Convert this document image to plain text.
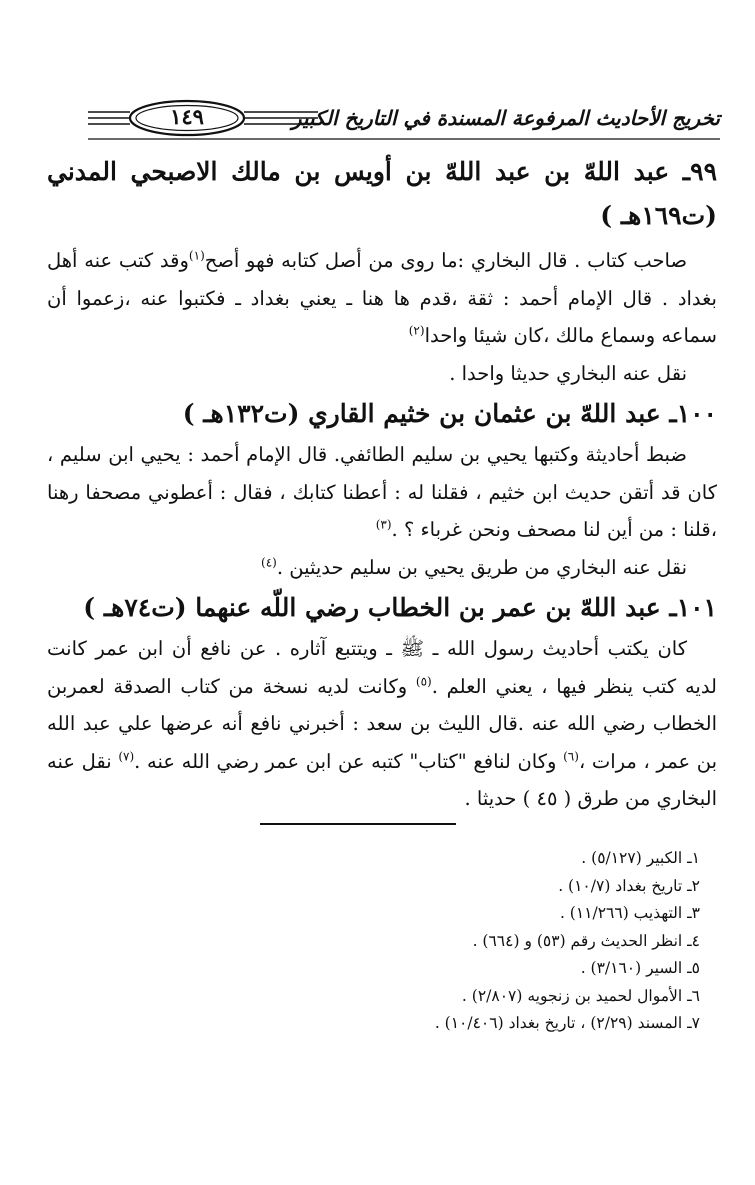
١٤٩	تخريج الأحاديث المرفوعة المسندة في التاريخ الكبير
٩٩ـ عبد اللهّ بن عبد اللهّ بن أويس بن مالك الاصبحي المدني (ت١٦٩هـ )

صاحب كتاب . قال البخاري :ما روى من أصل كتابه فهو أصح$^{(١)}$وقد كتب عنه أهل بغداد . قال الإمام أحمد : ثقة ،قدم ها هنا ـ يعني بغداد ـ فكتبوا عنه ،زعموا أن سماعه وسماع مالك ،كان شيئا واحدا$^{(٢)}$

نقل عنه البخاري حديثا واحدا .

١٠٠ـ عبد اللهّ بن عثمان بن خثيم القاري (ت١٣٢هـ )

ضبط أحاديثة وكتبها يحيي بن سليم الطائفي. قال الإمام أحمد : يحيي ابن سليم ، كان قد أتقن حديث ابن خثيم ، فقلنا له : أعطنا كتابك ، فقال : أعطوني مصحفا رهنا ،قلنا : من أين لنا مصحف ونحن غرباء ؟ .$^{(٣)}$

نقل عنه البخاري من طريق يحيي بن سليم حديثين .$^{(٤)}$

١٠١ـ عبد اللهّ بن عمر بن الخطاب رضي اللّه عنهما (ت٧٤هـ )

كان يكتب أحاديث رسول الله ـ ﷺ ـ ويتتبع آثاره . عن نافع أن ابن عمر كانت لديه كتب ينظر فيها ، يعني العلم .$^{(٥)}$ وكانت لديه نسخة من كتاب الصدقة لعمربن الخطاب رضي الله عنه .قال الليث بن سعد : أخبرني نافع أنه عرضها علي عبد الله بن عمر ، مرات ،$^{(٦)}$ وكان لنافع "كتاب" كتبه عن ابن عمر رضي الله عنه .$^{(٧)}$ نقل عنه البخاري من طرق ( ٤٥ ) حديثا .

١ـ الكبير (٥/١٢٧) .
٢ـ تاريخ بغداد (١٠/٧) .
٣ـ التهذيب (١١/٢٦٦) .
٤ـ انظر الحديث رقم (٥٣) و (٦٦٤) .
٥ـ السير (٣/١٦٠) .
٦ـ الأموال لحميد بن زنجويه (٢/٨٠٧) .
٧ـ المسند (٢/٢٩) ، تاريخ بغداد (١٠/٤٠٦) .
